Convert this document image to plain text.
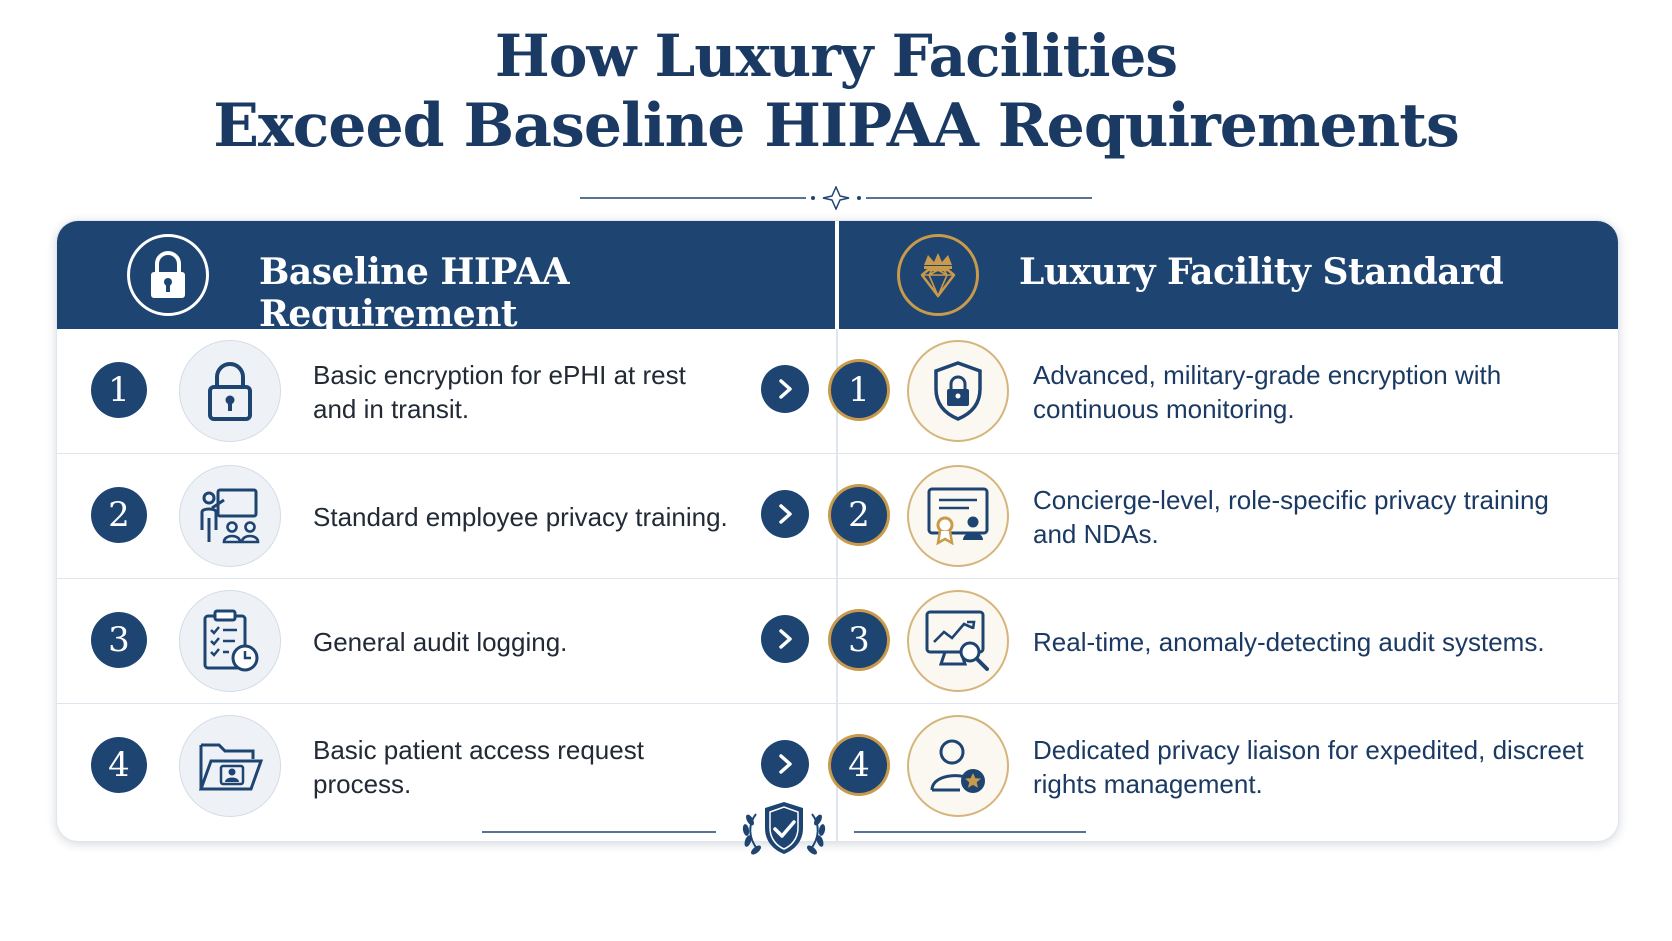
How Luxury Facilities
Exceed Baseline HIPAA Requirements
Baseline HIPAA Requirement
Luxury Facility Standard
1	Basic encryption for ePHI at rest and in transit.	1	Advanced, military-grade encryption with continuous monitoring.
2	Standard employee privacy training.	2	Concierge-level, role-specific privacy training and NDAs.
3	General audit logging.	3	Real-time, anomaly-detecting audit systems.
4	Basic patient access request process.	4	Dedicated privacy liaison for expedited, discreet rights management.
